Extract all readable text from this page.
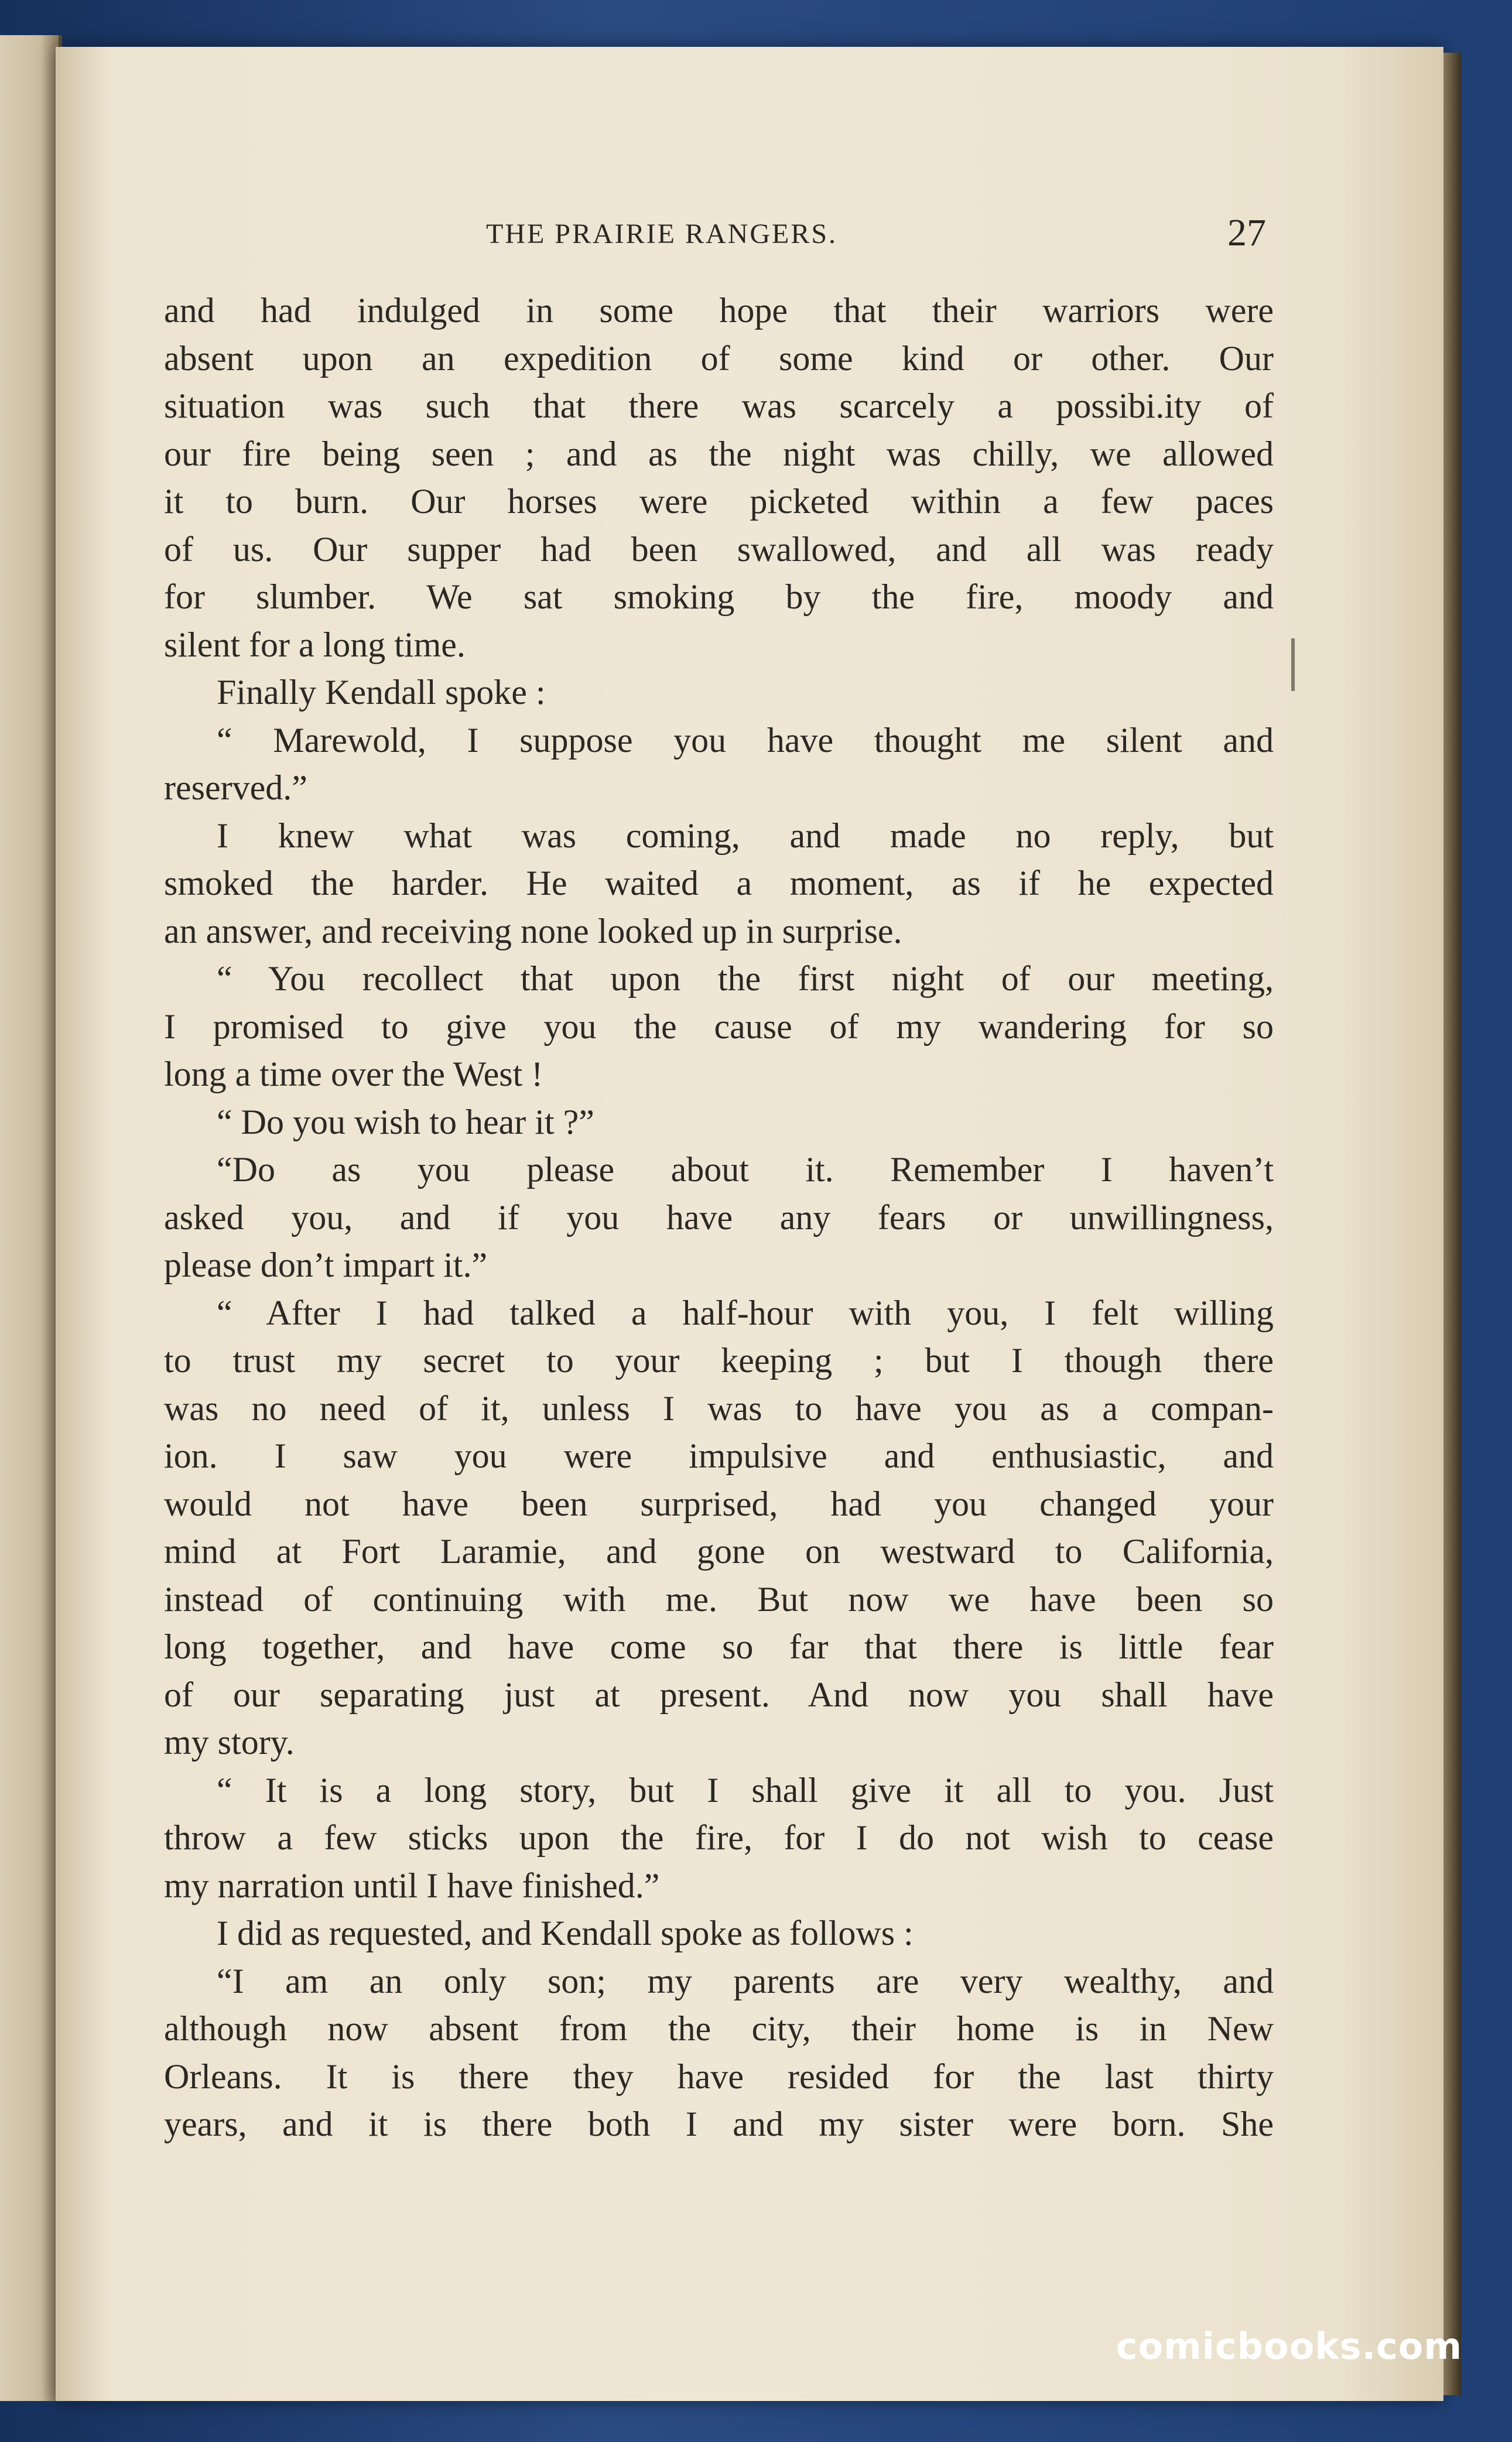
THE PRAIRIE RANGERS.	27
and had indulged in some hope that their warriors were
absent upon an expedition of some kind or other. Our
situation was such that there was scarcely a possibi.ity of
our fire being seen ; and as the night was chilly, we allowed
it to burn. Our horses were picketed within a few paces
of us. Our supper had been swallowed, and all was ready
for slumber. We sat smoking by the fire, moody and
silent for a long time.
Finally Kendall spoke :
“ Marewold, I suppose you have thought me silent and
reserved.”
I knew what was coming, and made no reply, but
smoked the harder. He waited a moment, as if he expected
an answer, and receiving none looked up in surprise.
“ You recollect that upon the first night of our meeting,
I promised to give you the cause of my wandering for so
long a time over the West !
“ Do you wish to hear it ?”
“Do as you please about it. Remember I haven’t
asked you, and if you have any fears or unwillingness,
please don’t impart it.”
“ After I had talked a half-hour with you, I felt willing
to trust my secret to your keeping ; but I though there
was no need of it, unless I was to have you as a compan-
ion. I saw you were impulsive and enthusiastic, and
would not have been surprised, had you changed your
mind at Fort Laramie, and gone on westward to California,
instead of continuing with me. But now we have been so
long together, and have come so far that there is little fear
of our separating just at present. And now you shall have
my story.
“ It is a long story, but I shall give it all to you. Just
throw a few sticks upon the fire, for I do not wish to cease
my narration until I have finished.”
I did as requested, and Kendall spoke as follows :
“I am an only son; my parents are very wealthy, and
although now absent from the city, their home is in New
Orleans. It is there they have resided for the last thirty
years, and it is there both I and my sister were born. She
comicbooks.com
